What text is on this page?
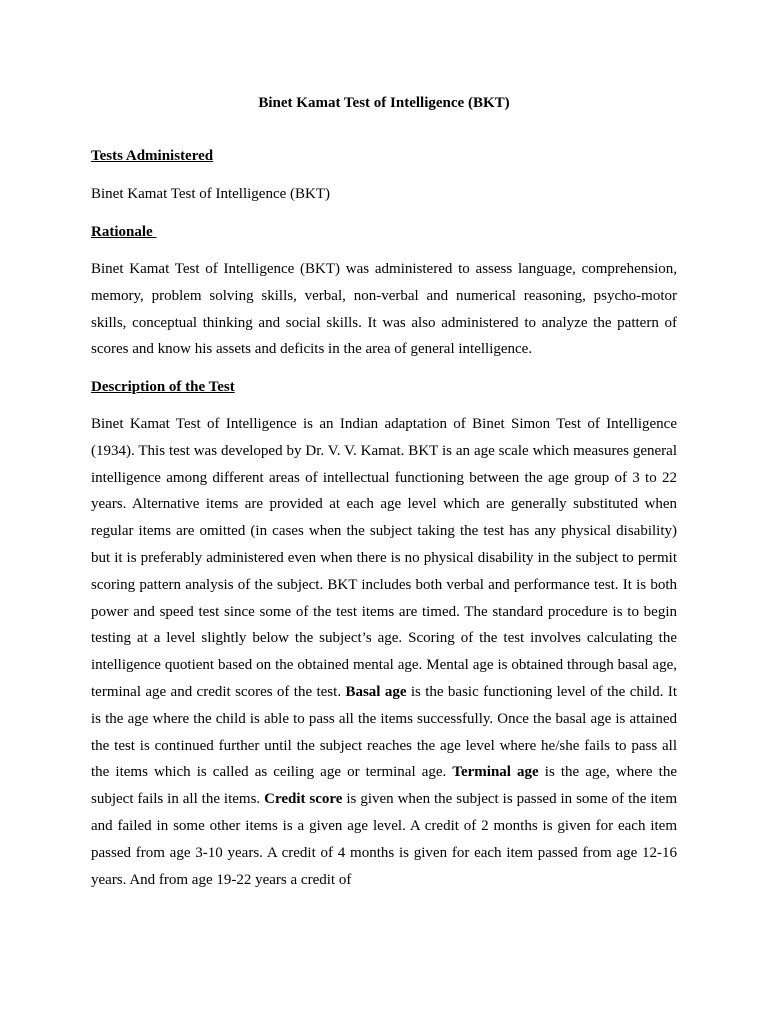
Binet Kamat Test of Intelligence (BKT)
Tests Administered
Binet Kamat Test of Intelligence (BKT)
Rationale

Binet Kamat Test of Intelligence (BKT) was administered to assess language, comprehension, memory, problem solving skills, verbal, non-verbal and numerical reasoning, psycho-motor skills, conceptual thinking and social skills. It was also administered to analyze the pattern of scores and know his assets and deficits in the area of general intelligence.

Description of the Test

Binet Kamat Test of Intelligence is an Indian adaptation of Binet Simon Test of Intelligence (1934). This test was developed by Dr. V. V. Kamat. BKT is an age scale which measures general intelligence among different areas of intellectual functioning between the age group of 3 to 22 years. Alternative items are provided at each age level which are generally substituted when regular items are omitted (in cases when the subject taking the test has any physical disability) but it is preferably administered even when there is no physical disability in the subject to permit scoring pattern analysis of the subject. BKT includes both verbal and performance test. It is both power and speed test since some of the test items are timed. The standard procedure is to begin testing at a level slightly below the subject’s age. Scoring of the test involves calculating the intelligence quotient based on the obtained mental age. Mental age is obtained through basal age, terminal age and credit scores of the test. Basal age is the basic functioning level of the child. It is the age where the child is able to pass all the items successfully. Once the basal age is attained the test is continued further until the subject reaches the age level where he/she fails to pass all the items which is called as ceiling age or terminal age. Terminal age is the age, where the subject fails in all the items. Credit score is given when the subject is passed in some of the item and failed in some other items is a given age level. A credit of 2 months is given for each item passed from age 3-10 years. A credit of 4 months is given for each item passed from age 12-16 years. And from age 19-22 years a credit of
